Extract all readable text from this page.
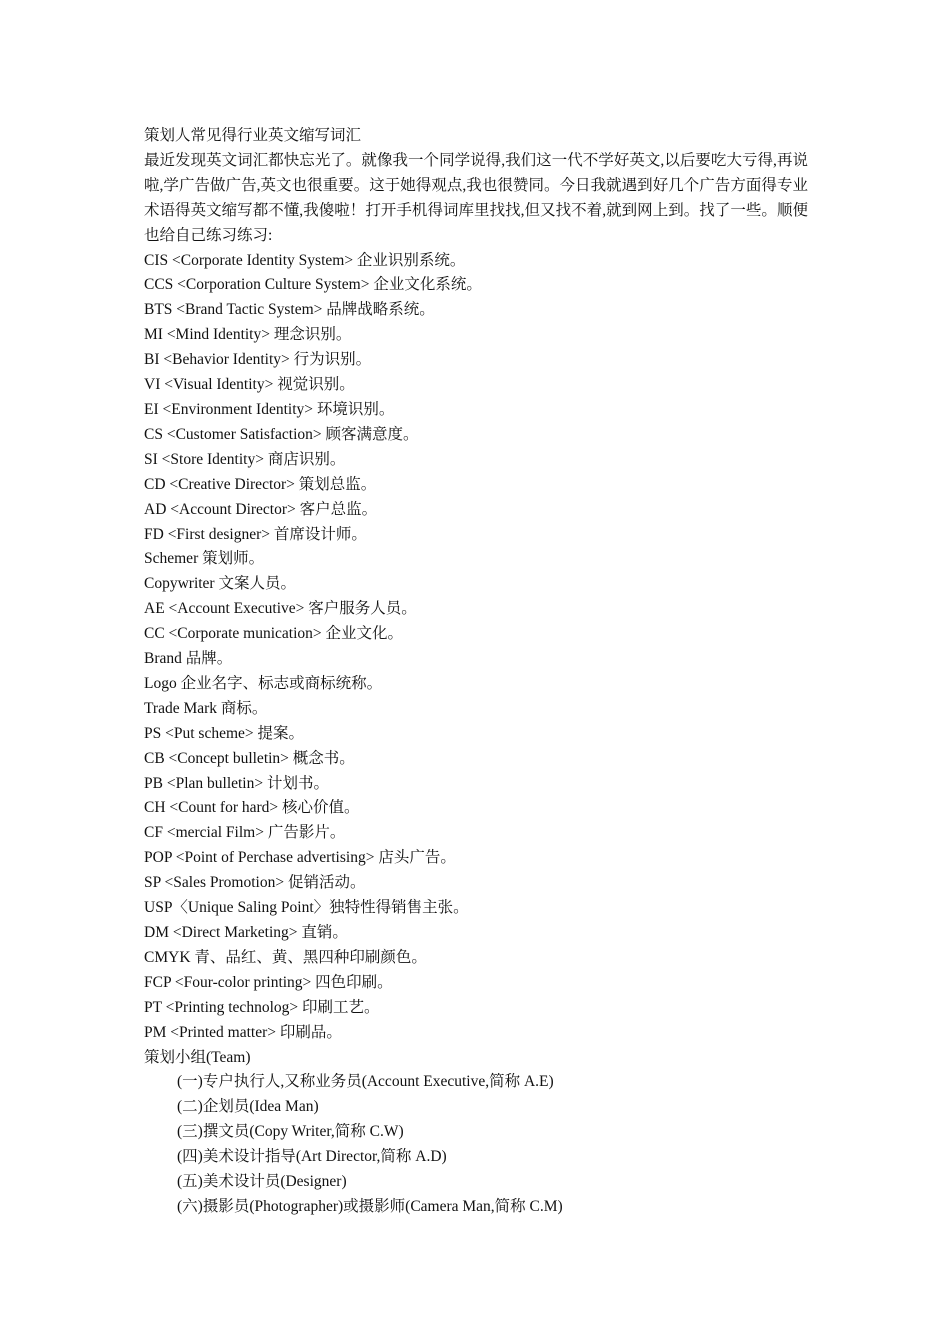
策划人常见得行业英文缩写词汇
最近发现英文词汇都快忘光了。就像我一个同学说得,我们这一代不学好英文,以后要吃大亏得,再说啦,学广告做广告,英文也很重要。这于她得观点,我也很赞同。今日我就遇到好几个广告方面得专业术语得英文缩写都不懂,我傻啦！打开手机得词库里找找,但又找不着,就到网上到。找了一些。顺便也给自己练习练习:
CIS <Corporate Identity System> 企业识别系统。
CCS <Corporation Culture System> 企业文化系统。
BTS <Brand Tactic System> 品牌战略系统。
MI <Mind Identity> 理念识别。
BI <Behavior Identity> 行为识别。
VI <Visual Identity> 视觉识别。
EI <Environment Identity> 环境识别。
CS <Customer Satisfaction> 顾客满意度。
SI <Store Identity> 商店识别。
CD <Creative Director> 策划总监。
AD <Account Director> 客户总监。
FD <First designer> 首席设计师。
Schemer 策划师。
Copywriter 文案人员。
AE <Account Executive> 客户服务人员。
CC <Corporate munication> 企业文化。
Brand 品牌。
Logo 企业名字、标志或商标统称。
Trade Mark 商标。
PS <Put scheme> 提案。
CB <Concept bulletin> 概念书。
PB <Plan bulletin> 计划书。
CH <Count for hard> 核心价值。
CF <mercial Film> 广告影片。
POP <Point of Perchase advertising> 店头广告。
SP <Sales Promotion> 促销活动。
USP〈Unique Saling Point〉独特性得销售主张。
DM <Direct Marketing> 直销。
CMYK 青、品红、黄、黑四种印刷颜色。
FCP <Four-color printing> 四色印刷。
PT <Printing technolog> 印刷工艺。
PM <Printed matter> 印刷品。
策划小组(Team)
(一)专户执行人,又称业务员(Account Executive,简称 A.E)
(二)企划员(Idea Man)
(三)撰文员(Copy Writer,简称 C.W)
(四)美术设计指导(Art Director,简称 A.D)
(五)美术设计员(Designer)
(六)摄影员(Photographer)或摄影师(Camera Man,简称 C.M)
